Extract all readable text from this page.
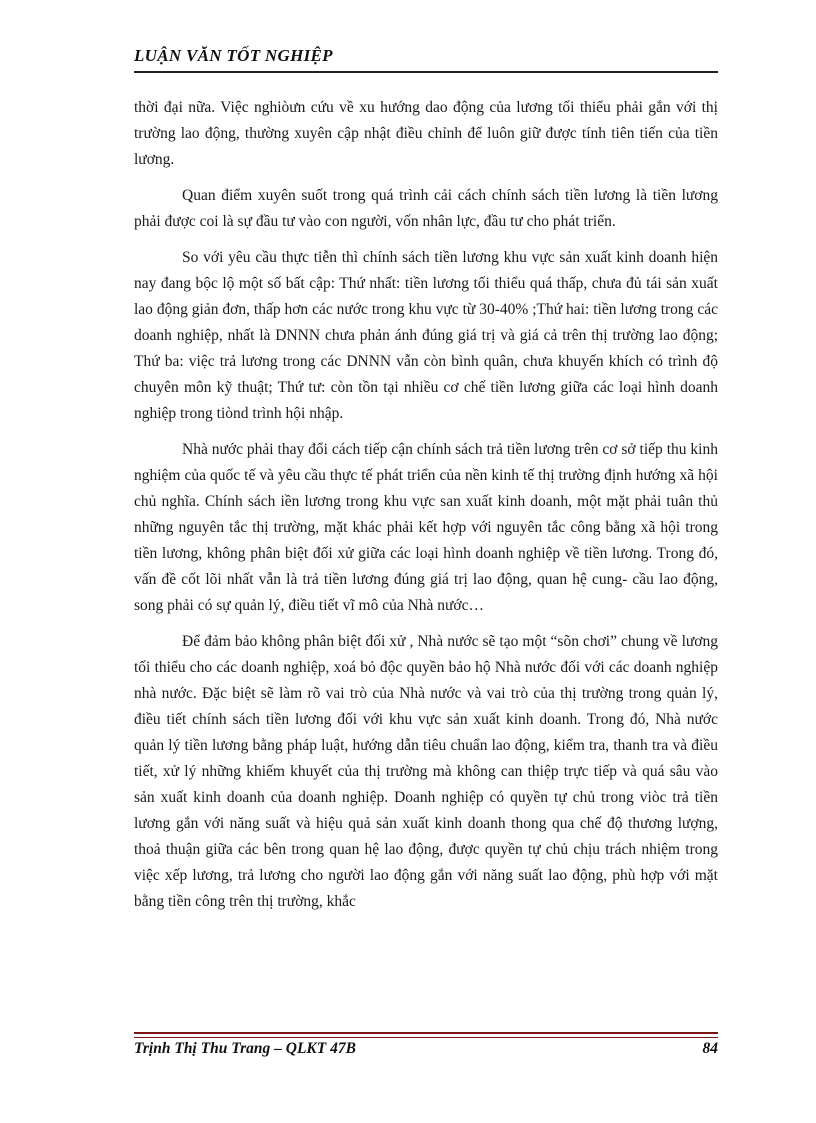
LUẬN VĂN TỐT NGHIỆP

thời đại nữa. Việc nghiòưn cứu về xu hướng dao động của lương tối thiểu phải gắn với thị trường lao động, thường xuyên cập nhật điều chỉnh để luôn giữ được tính tiên tiến của tiền lương.

Quan điểm xuyên suốt trong quá trình cải cách chính sách tiền lương là tiền lương phải được coi là sự đầu tư vào con người, vốn nhân lực, đầu tư cho phát triển.

So với yêu cầu thực tiễn thì chính sách tiền lương khu vực sản xuất kinh doanh hiện nay đang bộc lộ một số bất cập: Thứ nhất: tiền lương tối thiểu quá thấp, chưa đủ tái sản xuất lao động giản đơn, thấp hơn các nước trong khu vực từ 30-40% ;Thứ hai: tiền lương trong các doanh nghiệp, nhất là DNNN chưa phản ánh đúng giá trị và giá cả trên thị trường lao động; Thứ ba: việc trả lương trong các DNNN vẫn còn bình quân, chưa khuyến khích có trình độ chuyên môn kỹ thuật; Thứ tư: còn tồn tại nhiều cơ chế tiền lương giữa các loại hình doanh nghiệp trong tiònd trình hội nhập.

Nhà nước phải thay đổi cách tiếp cận chính sách trả tiền lương trên cơ sở tiếp thu kinh nghiệm của quốc tế và yêu cầu thực tế phát triển của nền kinh tế thị trường định hướng xã hội chủ nghĩa. Chính sách iền lương trong khu vực san xuất kinh doanh, một mặt phải tuân thủ những nguyên tắc thị trường, mặt khác phải kết hợp với nguyên tắc công bằng xã hội trong tiền lương, không phân biệt đối xử giữa các loại hình doanh nghiệp về tiền lương. Trong đó, vấn đề cốt lõi nhất vẫn là trả tiền lương đúng giá trị lao động, quan hệ cung- cầu lao động, song phải có sự quản lý, điều tiết vĩ mô của Nhà nước…

Để đảm bảo không phân biệt đối xử , Nhà nước sẽ tạo một “sõn chơi” chung về lương tối thiểu cho các doanh nghiệp, xoá bỏ độc quyền bảo hộ Nhà nước đối với các doanh nghiệp nhà nước. Đặc biệt sẽ làm rõ vai trò của Nhà nước và vai trò của thị trường trong quản lý, điều tiết chính sách tiền lương đối với khu vực sản xuất kinh doanh. Trong đó, Nhà nước quản lý tiền lương bằng pháp luật, hướng dẫn tiêu chuẩn lao động, kiểm tra, thanh tra và điều tiết, xử lý những khiếm khuyết của thị trường mà không can thiệp trực tiếp và quá sâu vào sản xuất kinh doanh của doanh nghiệp. Doanh nghiệp có quyền tự chủ trong viòc trả tiền lương gắn với năng suất và hiệu quả sản xuất kinh doanh thong qua chế độ thương lượng, thoả thuận giữa các bên trong quan hệ lao động, được quyền tự chủ chịu trách nhiệm trong việc xếp lương, trả lương cho người lao động gắn với năng suất lao động, phù hợp với mặt bằng tiền công trên thị trường, khắc

Trịnh Thị Thu Trang – QLKT 47B	84
